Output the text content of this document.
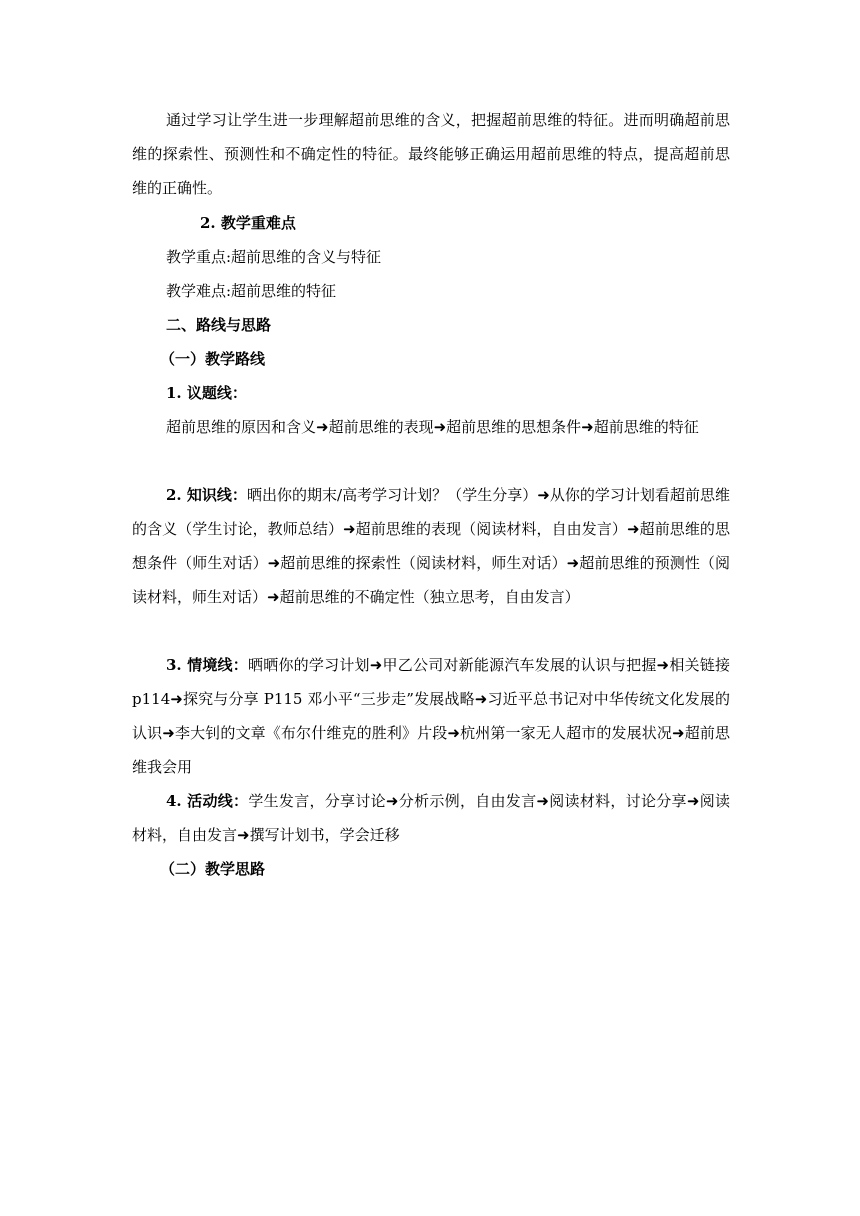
通过学习让学生进一步理解超前思维的含义，把握超前思维的特征。进而明确超前思维的探索性、预测性和不确定性的特征。最终能够正确运用超前思维的特点，提高超前思维的正确性。

2. 教学重难点

教学重点:超前思维的含义与特征

教学难点:超前思维的特征

二、路线与思路

（一）教学路线

1. 议题线：

超前思维的原因和含义➜超前思维的表现➜超前思维的思想条件➜超前思维的特征

2. 知识线：晒出你的期末/高考学习计划？（学生分享）➜从你的学习计划看超前思维的含义（学生讨论，教师总结）➜超前思维的表现（阅读材料，自由发言）➜超前思维的思想条件（师生对话）➜超前思维的探索性（阅读材料，师生对话）➜超前思维的预测性（阅读材料，师生对话）➜超前思维的不确定性（独立思考，自由发言）

3. 情境线：晒晒你的学习计划➜甲乙公司对新能源汽车发展的认识与把握➜相关链接 p114➜探究与分享 P115 邓小平“三步走”发展战略➜习近平总书记对中华传统文化发展的认识➜李大钊的文章《布尔什维克的胜利》片段➜杭州第一家无人超市的发展状况➜超前思维我会用

4. 活动线：学生发言，分享讨论➜分析示例，自由发言➜阅读材料，讨论分享➜阅读材料，自由发言➜撰写计划书，学会迁移

（二）教学思路
